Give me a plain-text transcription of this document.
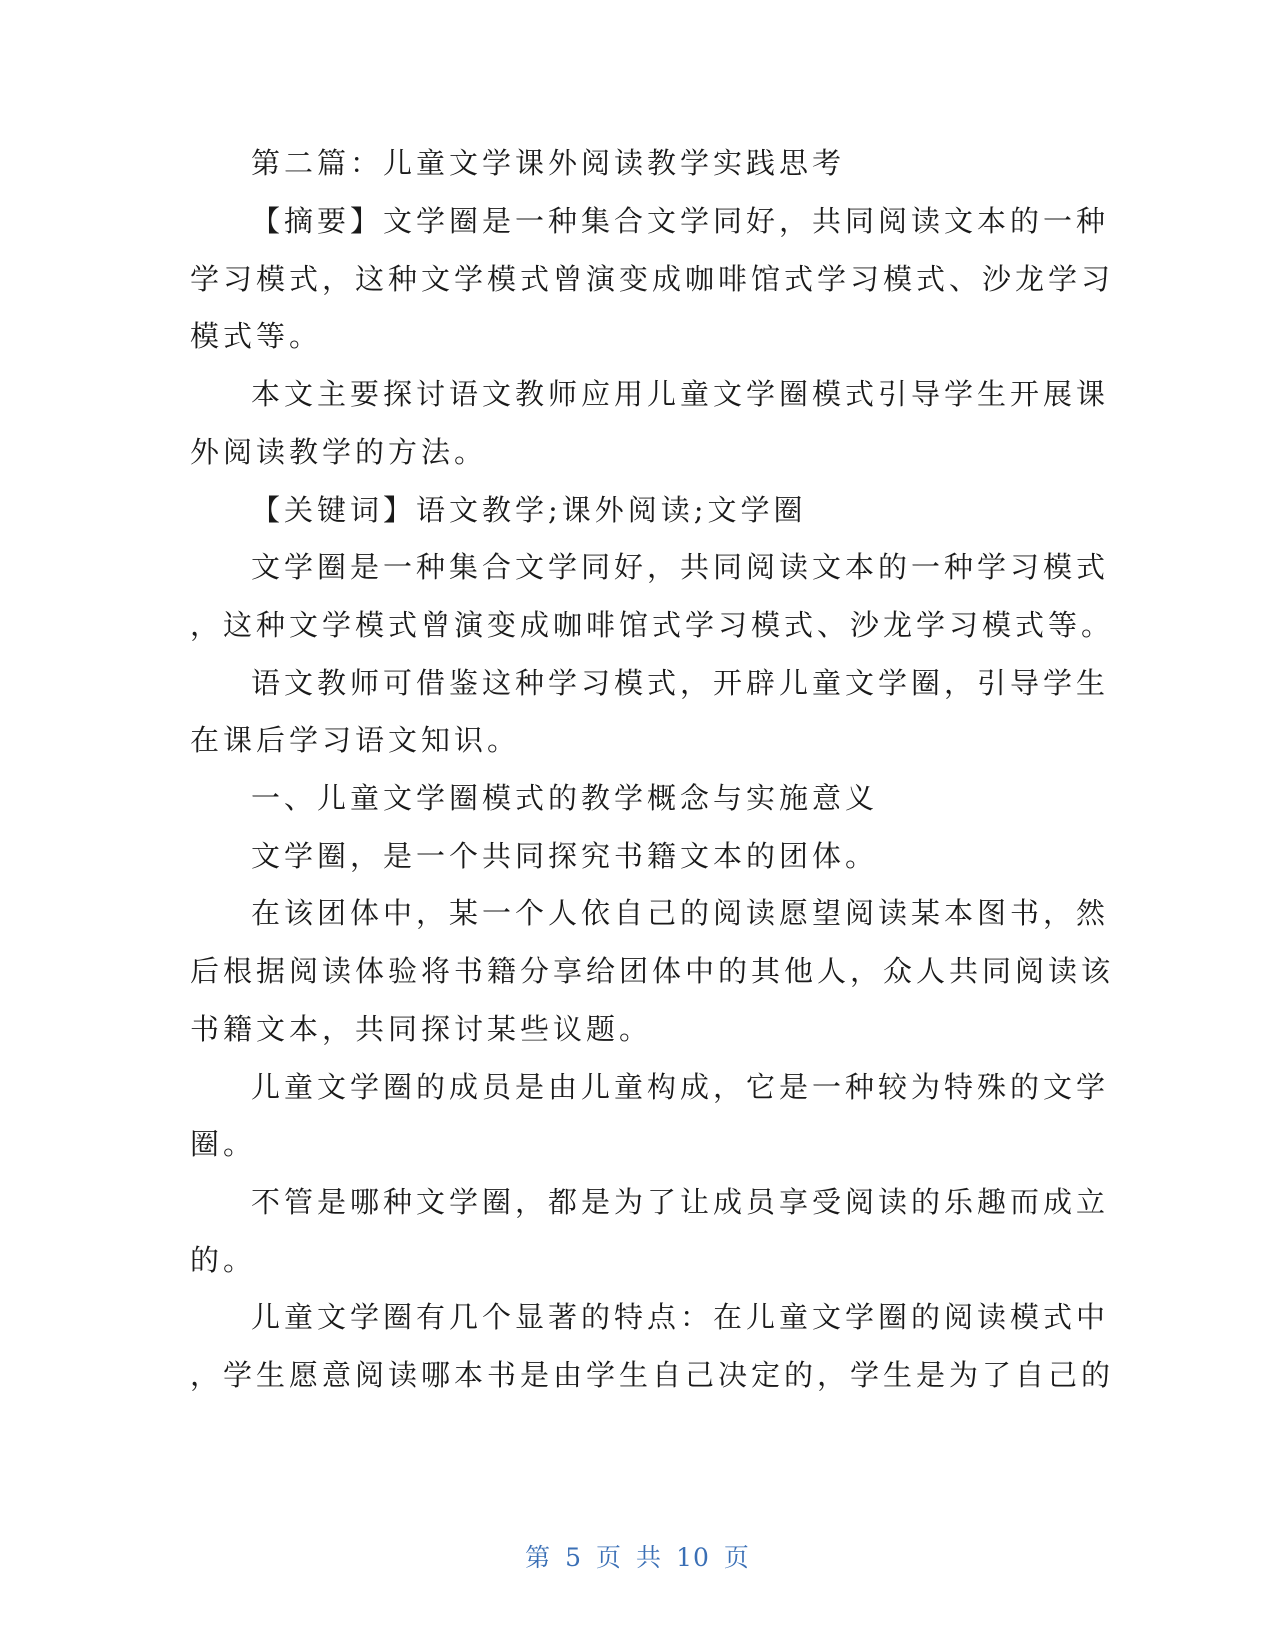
第二篇：儿童文学课外阅读教学实践思考
【摘要】文学圈是一种集合文学同好，共同阅读文本的一种
学习模式，这种文学模式曾演变成咖啡馆式学习模式、沙龙学习
模式等。
本文主要探讨语文教师应用儿童文学圈模式引导学生开展课
外阅读教学的方法。
【关键词】语文教学;课外阅读;文学圈
文学圈是一种集合文学同好，共同阅读文本的一种学习模式
，这种文学模式曾演变成咖啡馆式学习模式、沙龙学习模式等。
语文教师可借鉴这种学习模式，开辟儿童文学圈，引导学生
在课后学习语文知识。
一、儿童文学圈模式的教学概念与实施意义
文学圈，是一个共同探究书籍文本的团体。
在该团体中，某一个人依自己的阅读愿望阅读某本图书，然
后根据阅读体验将书籍分享给团体中的其他人，众人共同阅读该
书籍文本，共同探讨某些议题。
儿童文学圈的成员是由儿童构成，它是一种较为特殊的文学
圈。
不管是哪种文学圈，都是为了让成员享受阅读的乐趣而成立
的。
儿童文学圈有几个显著的特点：在儿童文学圈的阅读模式中
，学生愿意阅读哪本书是由学生自己决定的，学生是为了自己的
第 5 页 共 10 页
